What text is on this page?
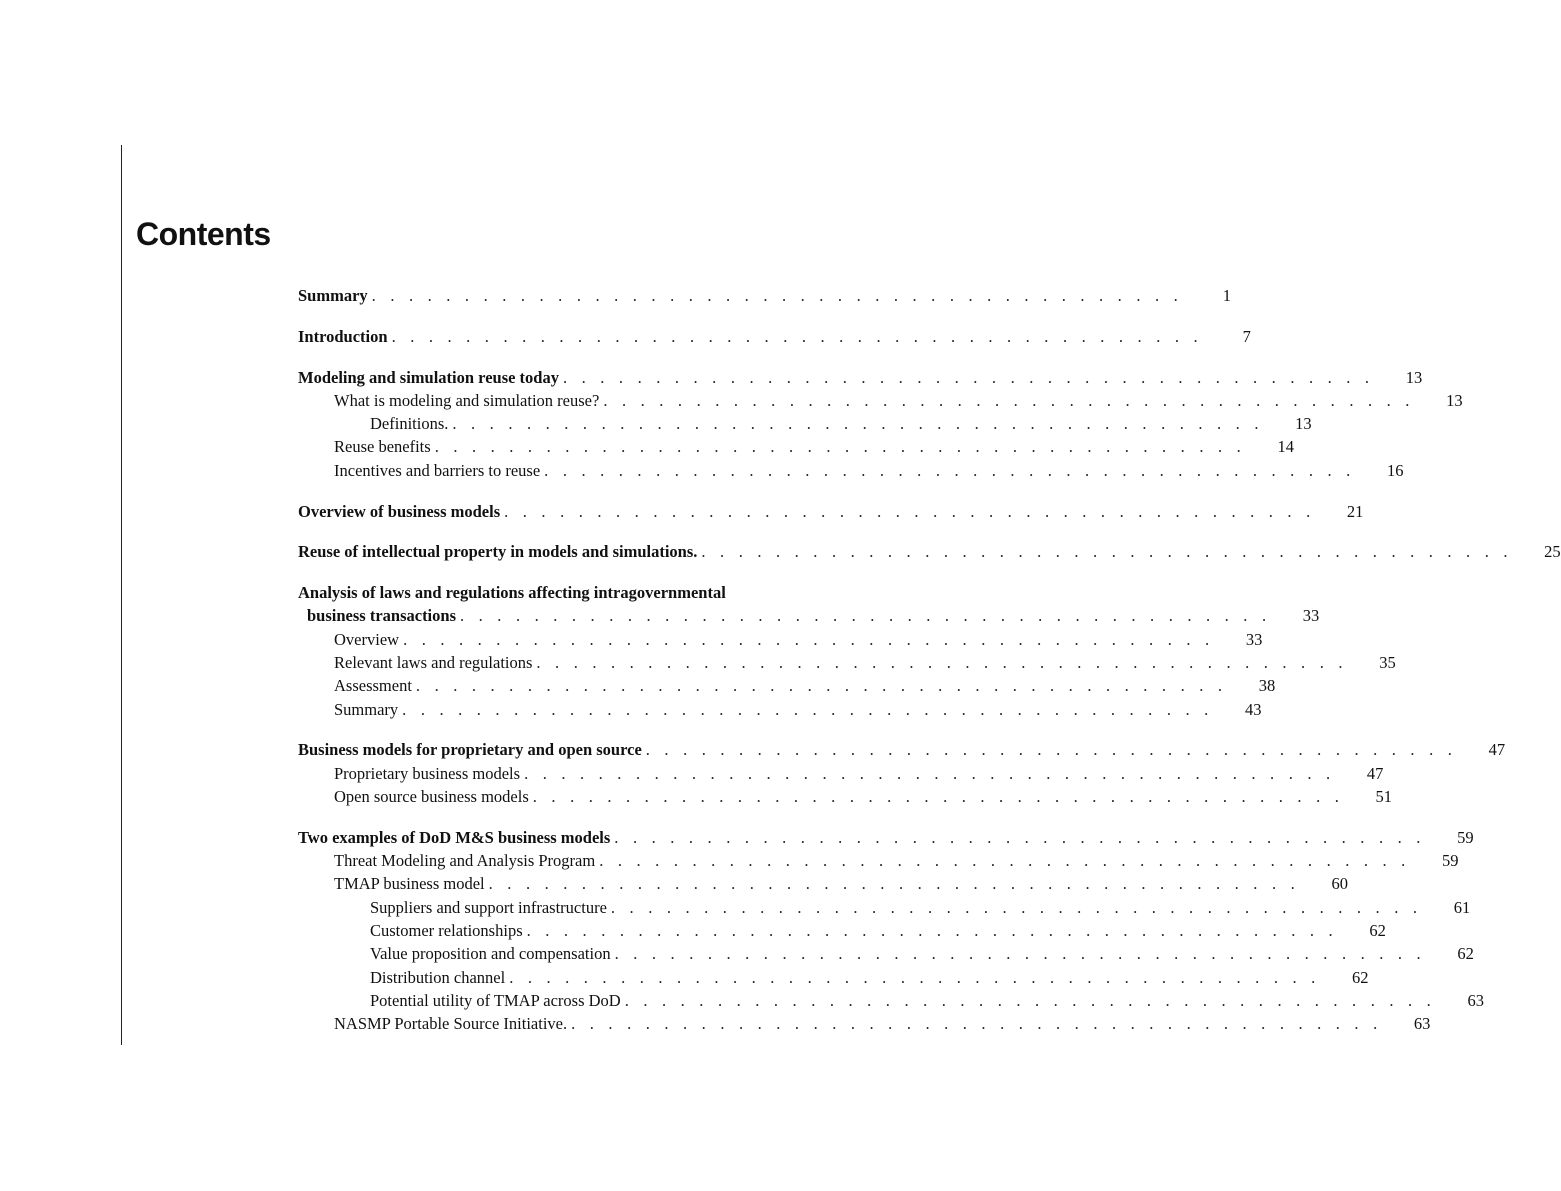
Contents
Summary . . . . . . . . . . . . . . . . . . . . . . . . . . . . . . . . . . . . . . . . . . . .	1
Introduction . . . . . . . . . . . . . . . . . . . . . . . . . . . . . . . . . . . . . . . . . . . .	7
Modeling and simulation reuse today . . . . . . . . . . . . . . . . . . . . . . . . . . . . . . . . . . . . . . . . . . . .	13
What is modeling and simulation reuse? . . . . . . . . . . . . . . . . . . . . . . . . . . . . . . . . . . . . . . . . . . . .	13
Definitions. . . . . . . . . . . . . . . . . . . . . . . . . . . . . . . . . . . . . . . . . . . . .	13
Reuse benefits . . . . . . . . . . . . . . . . . . . . . . . . . . . . . . . . . . . . . . . . . . . .	14
Incentives and barriers to reuse . . . . . . . . . . . . . . . . . . . . . . . . . . . . . . . . . . . . . . . . . . . .	16
Overview of business models . . . . . . . . . . . . . . . . . . . . . . . . . . . . . . . . . . . . . . . . . . . .	21
Reuse of intellectual property in models and simulations. . . . . . . . . . . . . . . . . . . . . . . . . . . . . . . . . . . . . . . . . . . . .	25
Analysis of laws and regulations affecting intragovernmental
business transactions . . . . . . . . . . . . . . . . . . . . . . . . . . . . . . . . . . . . . . . . . . . .	33
Overview . . . . . . . . . . . . . . . . . . . . . . . . . . . . . . . . . . . . . . . . . . . .	33
Relevant laws and regulations . . . . . . . . . . . . . . . . . . . . . . . . . . . . . . . . . . . . . . . . . . . .	35
Assessment . . . . . . . . . . . . . . . . . . . . . . . . . . . . . . . . . . . . . . . . . . . .	38
Summary . . . . . . . . . . . . . . . . . . . . . . . . . . . . . . . . . . . . . . . . . . . .	43
Business models for proprietary and open source . . . . . . . . . . . . . . . . . . . . . . . . . . . . . . . . . . . . . . . . . . . .	47
Proprietary business models . . . . . . . . . . . . . . . . . . . . . . . . . . . . . . . . . . . . . . . . . . . .	47
Open source business models . . . . . . . . . . . . . . . . . . . . . . . . . . . . . . . . . . . . . . . . . . . .	51
Two examples of DoD M&S business models . . . . . . . . . . . . . . . . . . . . . . . . . . . . . . . . . . . . . . . . . . . .	59
Threat Modeling and Analysis Program . . . . . . . . . . . . . . . . . . . . . . . . . . . . . . . . . . . . . . . . . . . .	59
TMAP business model . . . . . . . . . . . . . . . . . . . . . . . . . . . . . . . . . . . . . . . . . . . .	60
Suppliers and support infrastructure . . . . . . . . . . . . . . . . . . . . . . . . . . . . . . . . . . . . . . . . . . . .	61
Customer relationships . . . . . . . . . . . . . . . . . . . . . . . . . . . . . . . . . . . . . . . . . . . .	62
Value proposition and compensation . . . . . . . . . . . . . . . . . . . . . . . . . . . . . . . . . . . . . . . . . . . .	62
Distribution channel . . . . . . . . . . . . . . . . . . . . . . . . . . . . . . . . . . . . . . . . . . . .	62
Potential utility of TMAP across DoD . . . . . . . . . . . . . . . . . . . . . . . . . . . . . . . . . . . . . . . . . . . .	63
NASMP Portable Source Initiative. . . . . . . . . . . . . . . . . . . . . . . . . . . . . . . . . . . . . . . . . . . . .	63
